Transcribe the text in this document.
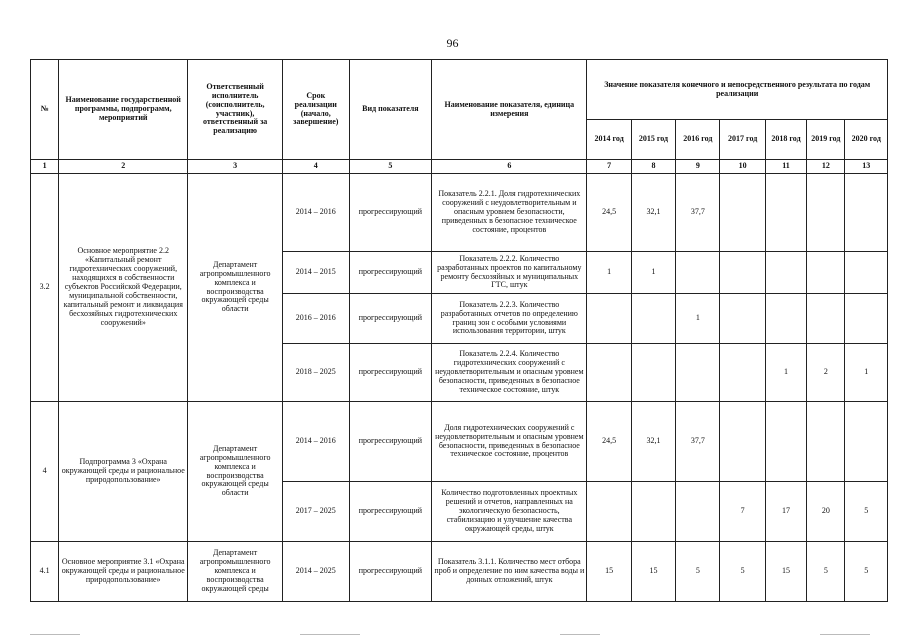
96
№	Наименование государственной программы, подпрограмм, мероприятий	Ответственный исполнитель (соисполнитель, участник), ответственный за реализацию	Срок реализации (начало, завершение)	Вид показателя	Наименование показателя, единица измерения	Значение показателя конечного и непосредственного результата по годам реализации						
						2014 год	2015 год	2016 год	2017 год	2018 год	2019 год	2020 год
1	2	3	4	5	6	7	8	9	10	11	12	13
3.2	Основное мероприятие 2.2 «Капитальный ремонт гидротехнических сооружений, находящихся в собственности субъектов Российской Федерации, муниципальной собственности, капитальный ремонт и ликвидация бесхозяйных гидротехнических сооружений»	Департамент агропромышленного комплекса и воспроизводства окружающей среды области	2014 – 2016	прогрессирующий	Показатель 2.2.1. Доля гидротехнических сооружений с неудовлетворительным и опасным уровнем безопасности, приведенных в безопасное техническое состояние, процентов	24,5	32,1	37,7				
			2014 – 2015	прогрессирующий	Показатель 2.2.2. Количество разработанных проектов по капитальному ремонту бесхозяйных и муниципальных ГТС, штук	1	1					
			2016 – 2016	прогрессирующий	Показатель 2.2.3. Количество разработанных отчетов по определению границ зон с особыми условиями использования территории, штук			1				
			2018 – 2025	прогрессирующий	Показатель 2.2.4. Количество гидротехнических сооружений с неудовлетворительным и опасным уровнем безопасности, приведенных в безопасное техническое состояние, штук					1	2	1
4	Подпрограмма 3 «Охрана окружающей среды и рациональное природопользование»	Департамент агропромышленного комплекса и воспроизводства окружающей среды области	2014 – 2016	прогрессирующий	Доля гидротехнических сооружений с неудовлетворительным и опасным уровнем безопасности, приведенных в безопасное техническое состояние, процентов	24,5	32,1	37,7				
			2017 – 2025	прогрессирующий	Количество подготовленных проектных решений и отчетов, направленных на экологическую безопасность, стабилизацию и улучшение качества окружающей среды, штук				7	17	20	5
4.1	Основное мероприятие 3.1 «Охрана окружающей среды и рациональное природопользование»	Департамент агропромышленного комплекса и воспроизводства окружающей среды	2014 – 2025	прогрессирующий	Показатель 3.1.1. Количество мест отбора проб и определение по ним качества воды и донных отложений, штук	15	15	5	5	15	5	5
